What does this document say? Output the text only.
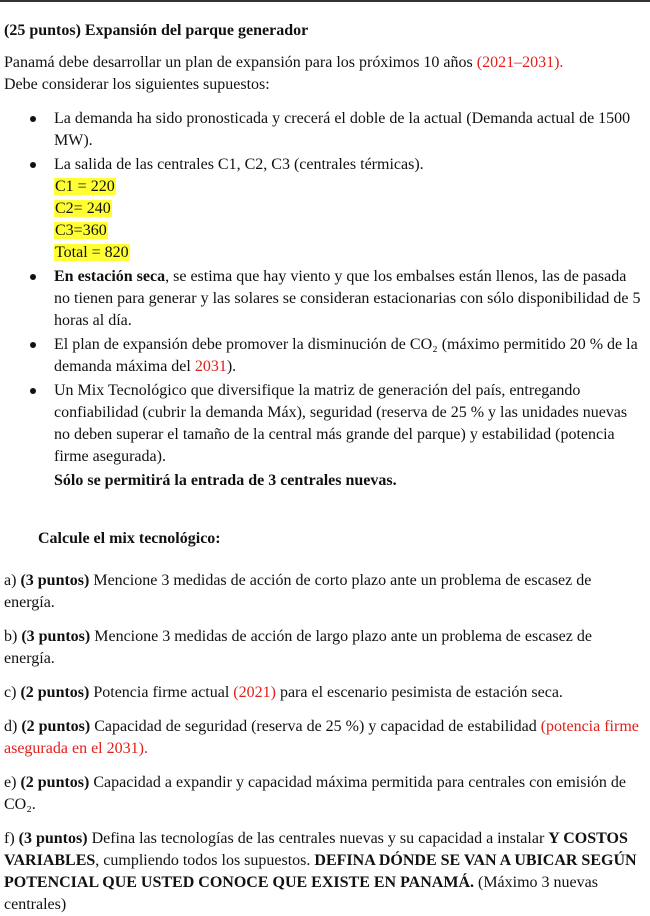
(25 puntos) Expansión del parque generador

Panamá debe desarrollar un plan de expansión para los próximos 10 años (2021–2031).
Debe considerar los siguientes supuestos:

La demanda ha sido pronosticada y crecerá el doble de la actual (Demanda actual de 1500 MW).
La salida de las centrales C1, C2, C3 (centrales térmicas).
C1 = 220
C2= 240
C3=360
Total = 820
En estación seca, se estima que hay viento y que los embalses están llenos, las de pasada no tienen para generar y las solares se consideran estacionarias con sólo disponibilidad de 5 horas al día.
El plan de expansión debe promover la disminución de CO₂ (máximo permitido 20 % de la demanda máxima del 2031).
Un Mix Tecnológico que diversifique la matriz de generación del país, entregando confiabilidad (cubrir la demanda Máx), seguridad (reserva de 25 % y las unidades nuevas no deben superar el tamaño de la central más grande del parque) y estabilidad (potencia firme asegurada).

Sólo se permitirá la entrada de 3 centrales nuevas.

Calcule el mix tecnológico:

a) (3 puntos) Mencione 3 medidas de acción de corto plazo ante un problema de escasez de energía.

b) (3 puntos) Mencione 3 medidas de acción de largo plazo ante un problema de escasez de energía.

c) (2 puntos) Potencia firme actual (2021) para el escenario pesimista de estación seca.

d) (2 puntos) Capacidad de seguridad (reserva de 25 %) y capacidad de estabilidad (potencia firme asegurada en el 2031).

e) (2 puntos) Capacidad a expandir y capacidad máxima permitida para centrales con emisión de CO₂.

f) (3 puntos) Defina las tecnologías de las centrales nuevas y su capacidad a instalar Y COSTOS VARIABLES, cumpliendo todos los supuestos. DEFINA DÓNDE SE VAN A UBICAR SEGÚN POTENCIAL QUE USTED CONOCE QUE EXISTE EN PANAMÁ. (Máximo 3 nuevas centrales)
